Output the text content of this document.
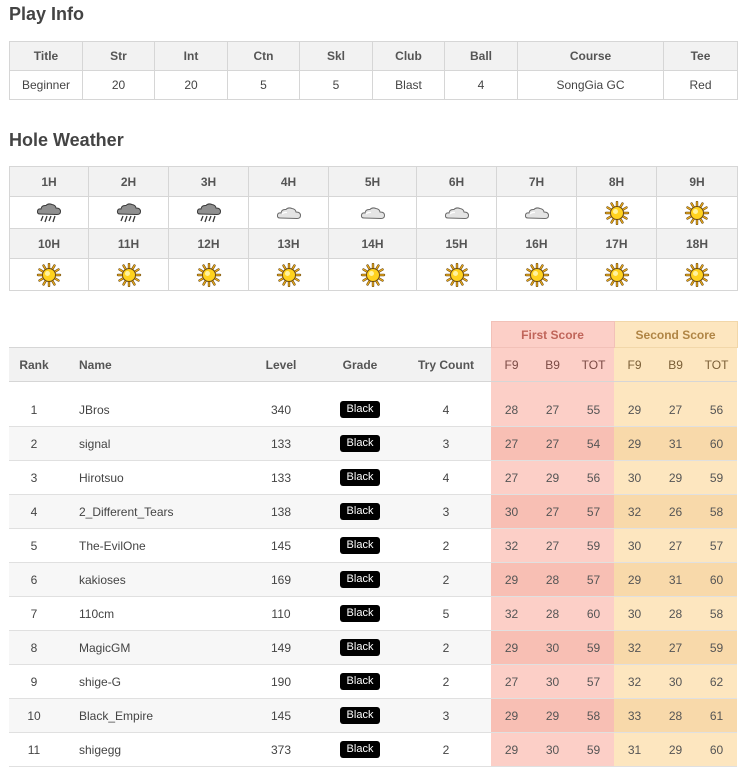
Play Info
Title	Str	Int	Ctn	Skl	Club	Ball	Course	Tee
Beginner	20	20	5	5	Blast	4	SongGia GC	Red
Hole Weather
1H	2H	3H	4H	5H	6H	7H	8H	9H

10H	11H	12H	13H	14H	15H	16H	17H	18H

					First Score			Second Score		
Rank	Name	Level	Grade	Try Count	F9	B9	TOT	F9	B9	TOT

1	JBros	340	Black	4	28	27	55	29	27	56
2	signal	133	Black	3	27	27	54	29	31	60
3	Hirotsuo	133	Black	4	27	29	56	30	29	59
4	2_Different_Tears	138	Black	3	30	27	57	32	26	58
5	The-EvilOne	145	Black	2	32	27	59	30	27	57
6	kakioses	169	Black	2	29	28	57	29	31	60
7	110cm	110	Black	5	32	28	60	30	28	58
8	MagicGM	149	Black	2	29	30	59	32	27	59
9	shige-G	190	Black	2	27	30	57	32	30	62
10	Black_Empire	145	Black	3	29	29	58	33	28	61
11	shigegg	373	Black	2	29	30	59	31	29	60
